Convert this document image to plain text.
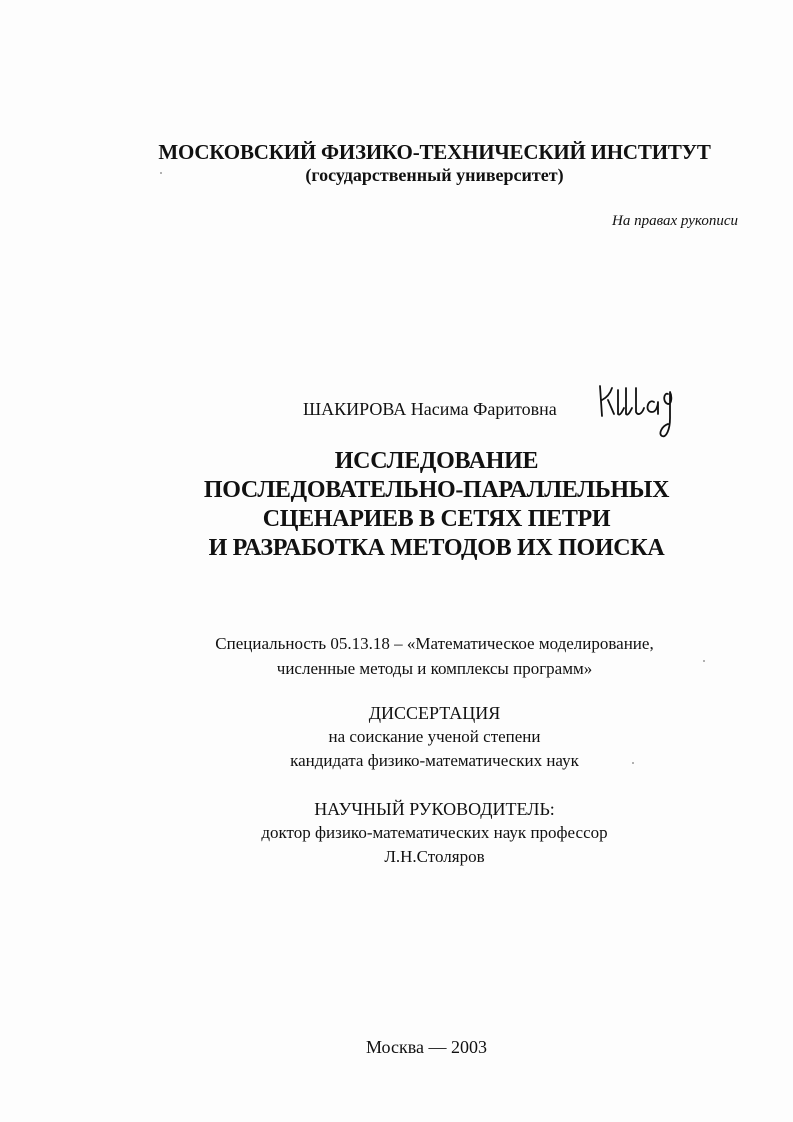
МОСКОВСКИЙ ФИЗИКО-ТЕХНИЧЕСКИЙ ИНСТИТУТ
(государственный университет)
На правах рукописи
ШАКИРОВА Насима Фаритовна
ИССЛЕДОВАНИЕ
ПОСЛЕДОВАТЕЛЬНО-ПАРАЛЛЕЛЬНЫХ
СЦЕНАРИЕВ В СЕТЯХ ПЕТРИ
И РАЗРАБОТКА МЕТОДОВ ИХ ПОИСКА
Специальность 05.13.18 – «Математическое моделирование,
численные методы и комплексы программ»
ДИССЕРТАЦИЯ
на соискание ученой степени
кандидата физико-математических наук
НАУЧНЫЙ РУКОВОДИТЕЛЬ:
доктор физико-математических наук профессор
Л.Н.Столяров
Москва — 2003
